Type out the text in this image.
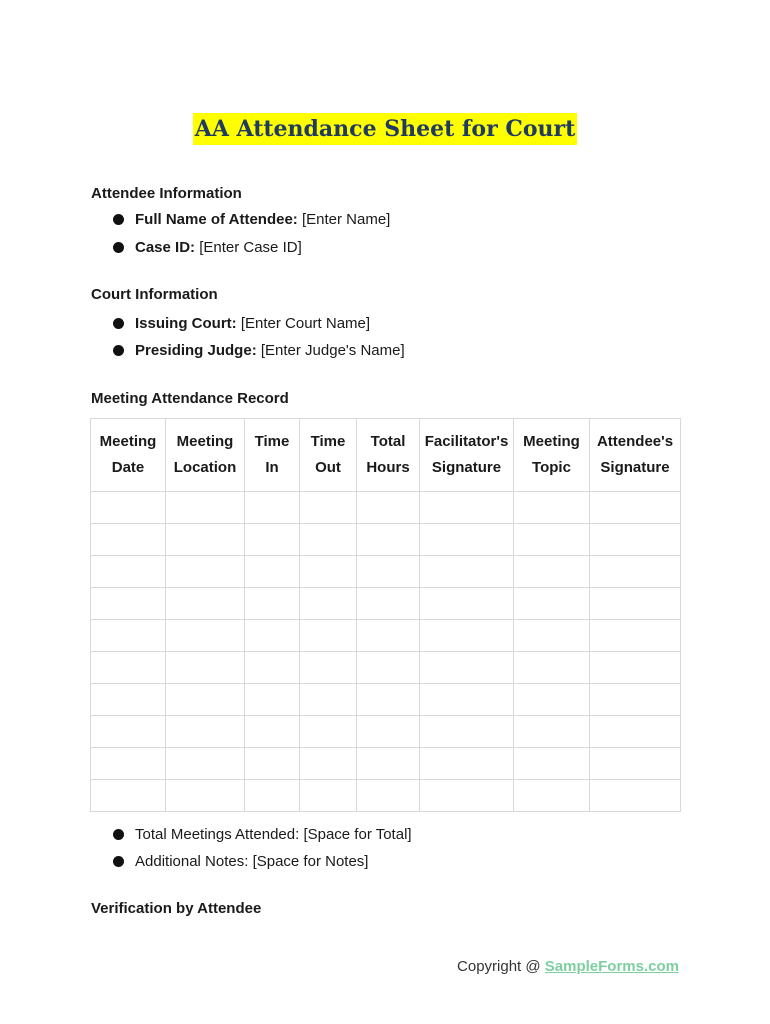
AA Attendance Sheet for Court
Attendee Information
Full Name of Attendee: [Enter Name]
Case ID: [Enter Case ID]
Court Information
Issuing Court: [Enter Court Name]
Presiding Judge: [Enter Judge's Name]
Meeting Attendance Record
Meeting Date	Meeting Location	Time In	Time Out	Total Hours	Facilitator's Signature	Meeting Topic	Attendee's Signature

Total Meetings Attended: [Space for Total]
Additional Notes: [Space for Notes]
Verification by Attendee
Copyright @ SampleForms.com
